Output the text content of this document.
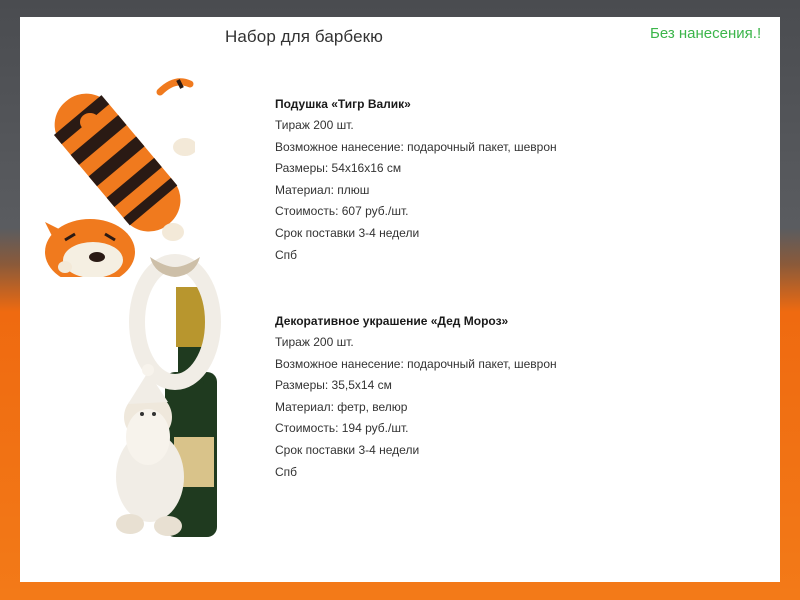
Набор для барбекю	Без нанесения.!
Подушка «Тигр Валик»
Тираж 200 шт.
Возможное нанесение: подарочный пакет, шеврон
Размеры: 54х16х16 см
Материал: плюш
Стоимость: 607 руб./шт.
Срок поставки 3-4 недели
Спб
Декоративное украшение «Дед Мороз»
Тираж 200 шт.
Возможное нанесение: подарочный пакет, шеврон
Размеры: 35,5х14 см
Материал: фетр, велюр
Стоимость: 194 руб./шт.
Срок поставки 3-4 недели
Спб
